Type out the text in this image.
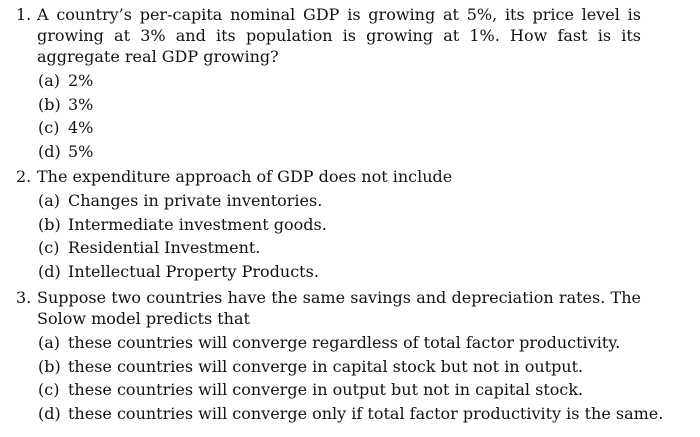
1. A country’s per-capita nominal GDP is growing at 5%, its price level is growing at 3% and its population is growing at 1%. How fast is its aggregate real GDP growing?
(a) 2%
(b) 3%
(c) 4%
(d) 5%
2. The expenditure approach of GDP does not include
(a) Changes in private inventories.
(b) Intermediate investment goods.
(c) Residential Investment.
(d) Intellectual Property Products.
3. Suppose two countries have the same savings and depreciation rates. The Solow model predicts that
(a) these countries will converge regardless of total factor productivity.
(b) these countries will converge in capital stock but not in output.
(c) these countries will converge in output but not in capital stock.
(d) these countries will converge only if total factor productivity is the same.
